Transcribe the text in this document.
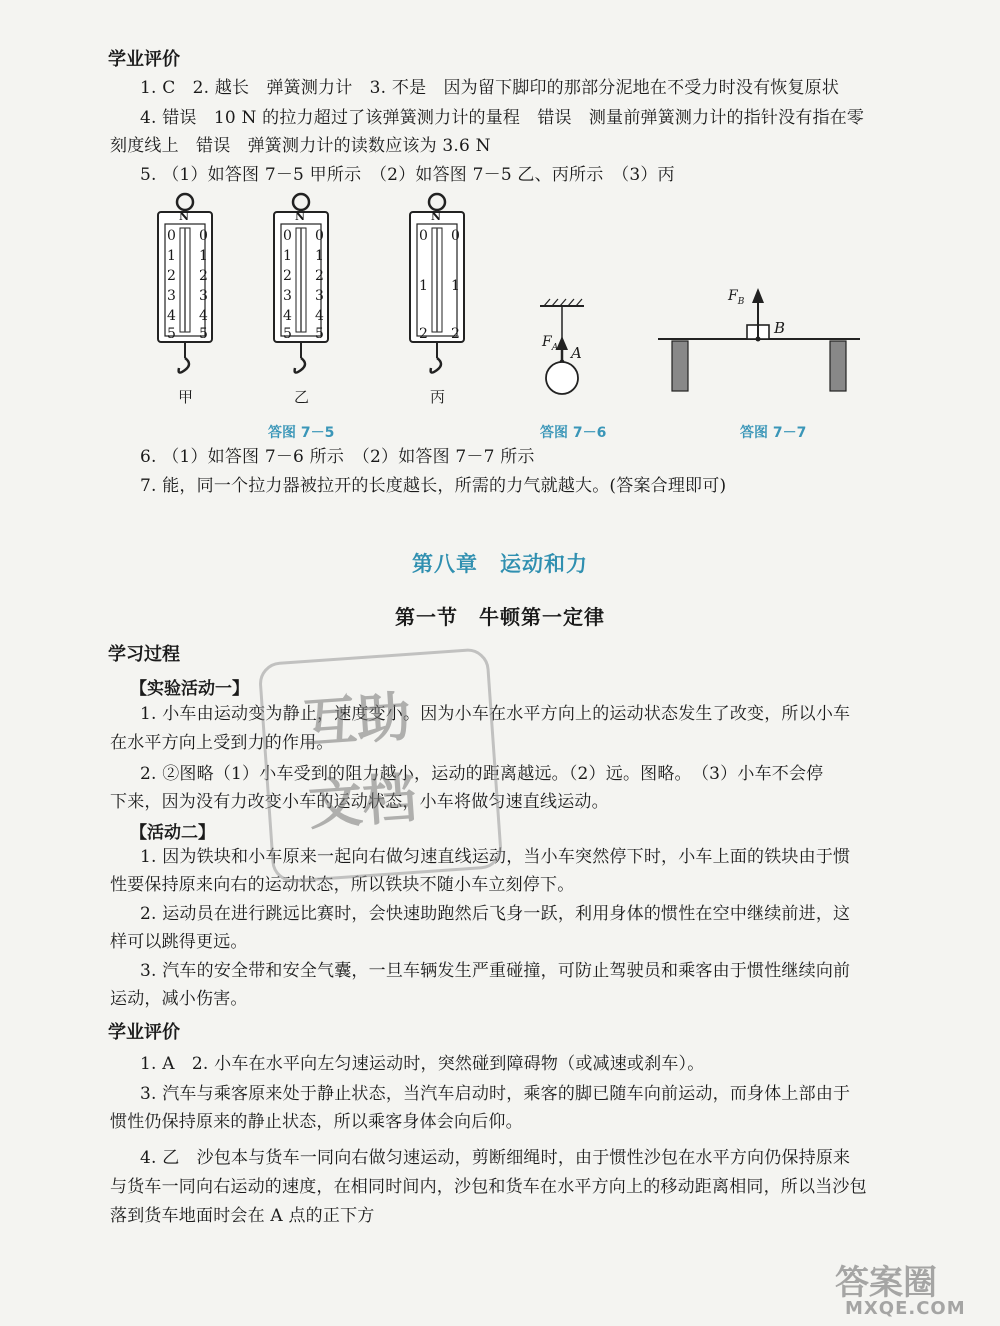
学业评价
1. C　2. 越长　弹簧测力计　3. 不是　因为留下脚印的那部分泥地在不受力时没有恢复原状
4. 错误　10 N 的拉力超过了该弹簧测力计的量程　错误　测量前弹簧测力计的指针没有指在零
刻度线上　错误　弹簧测力计的读数应该为 3.6 N
5. （1）如答图 7－5 甲所示　（2）如答图 7－5 乙、丙所示　（3）丙
N	N	N
0
1
2
3
4
5
0
1
2
3
4
5
0
1
2
3
4
5
0
1
2
3
4
5
0
1
2
0
1
2
甲	乙	丙
$F_A$ A
$F_B$
B
答图 7－5	答图 7－6	答图 7－7
6. （1）如答图 7－6 所示　（2）如答图 7－7 所示
7. 能，同一个拉力器被拉开的长度越长，所需的力气就越大。(答案合理即可)
第八章　运动和力
第一节　牛顿第一定律
学习过程
【实验活动一】
1. 小车由运动变为静止，速度变小。因为小车在水平方向上的运动状态发生了改变，所以小车
在水平方向上受到力的作用。
2. ②图略（1）小车受到的阻力越小，运动的距离越远。（2）远。图略。　（3）小车不会停
下来，因为没有力改变小车的运动状态，小车将做匀速直线运动。
【活动二】
1. 因为铁块和小车原来一起向右做匀速直线运动，当小车突然停下时，小车上面的铁块由于惯
性要保持原来向右的运动状态，所以铁块不随小车立刻停下。
2. 运动员在进行跳远比赛时，会快速助跑然后飞身一跃，利用身体的惯性在空中继续前进，这
样可以跳得更远。
3. 汽车的安全带和安全气囊，一旦车辆发生严重碰撞，可防止驾驶员和乘客由于惯性继续向前
运动，减小伤害。
学业评价
1. A　2. 小车在水平向左匀速运动时，突然碰到障碍物（或减速或刹车）。
3. 汽车与乘客原来处于静止状态，当汽车启动时，乘客的脚已随车向前运动，而身体上部由于
惯性仍保持原来的静止状态，所以乘客身体会向后仰。
4. 乙　沙包本与货车一同向右做匀速运动，剪断细绳时，由于惯性沙包在水平方向仍保持原来
与货车一同向右运动的速度，在相同时间内，沙包和货车在水平方向上的移动距离相同，所以当沙包
落到货车地面时会在 A 点的正下方
互助
文档
答案圈
MXQE.COM
